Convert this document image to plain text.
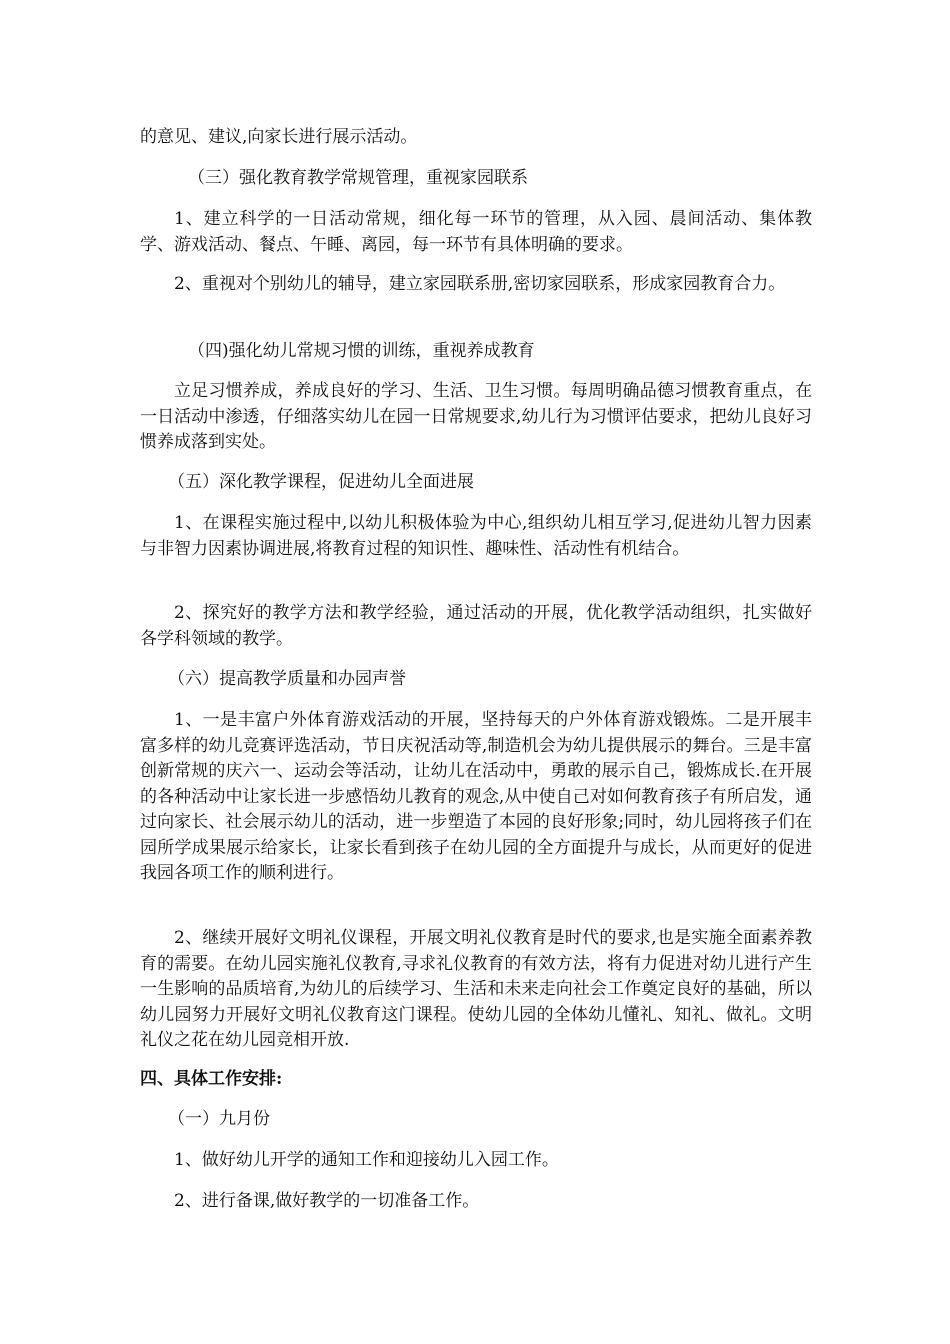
的意见、建议,向家长进行展示活动。

（三）强化教育教学常规管理，重视家园联系

1、建立科学的一日活动常规，细化每一环节的管理，从入园、晨间活动、集体教学、游戏活动、餐点、午睡、离园，每一环节有具体明确的要求。

2、重视对个别幼儿的辅导，建立家园联系册,密切家园联系，形成家园教育合力。

（四)强化幼儿常规习惯的训练，重视养成教育

立足习惯养成，养成良好的学习、生活、卫生习惯。每周明确品德习惯教育重点，在一日活动中渗透，仔细落实幼儿在园一日常规要求,幼儿行为习惯评估要求，把幼儿良好习惯养成落到实处。

（五）深化教学课程，促进幼儿全面进展

1、在课程实施过程中,以幼儿积极体验为中心,组织幼儿相互学习,促进幼儿智力因素与非智力因素协调进展,将教育过程的知识性、趣味性、活动性有机结合。

2、探究好的教学方法和教学经验，通过活动的开展，优化教学活动组织，扎实做好各学科领域的教学。

（六）提高教学质量和办园声誉

1、一是丰富户外体育游戏活动的开展，坚持每天的户外体育游戏锻炼。二是开展丰富多样的幼儿竞赛评选活动，节日庆祝活动等,制造机会为幼儿提供展示的舞台。三是丰富创新常规的庆六一、运动会等活动，让幼儿在活动中，勇敢的展示自己，锻炼成长.在开展的各种活动中让家长进一步感悟幼儿教育的观念,从中使自己对如何教育孩子有所启发，通过向家长、社会展示幼儿的活动，进一步塑造了本园的良好形象;同时，幼儿园将孩子们在园所学成果展示给家长，让家长看到孩子在幼儿园的全方面提升与成长，从而更好的促进我园各项工作的顺利进行。

2、继续开展好文明礼仪课程，开展文明礼仪教育是时代的要求,也是实施全面素养教育的需要。在幼儿园实施礼仪教育,寻求礼仪教育的有效方法，将有力促进对幼儿进行产生一生影响的品质培育,为幼儿的后续学习、生活和未来走向社会工作奠定良好的基础，所以幼儿园努力开展好文明礼仪教育这门课程。使幼儿园的全体幼儿懂礼、知礼、做礼。文明礼仪之花在幼儿园竞相开放.

四、具体工作安排:

（一）九月份

1、做好幼儿开学的通知工作和迎接幼儿入园工作。

2、进行备课,做好教学的一切准备工作。
